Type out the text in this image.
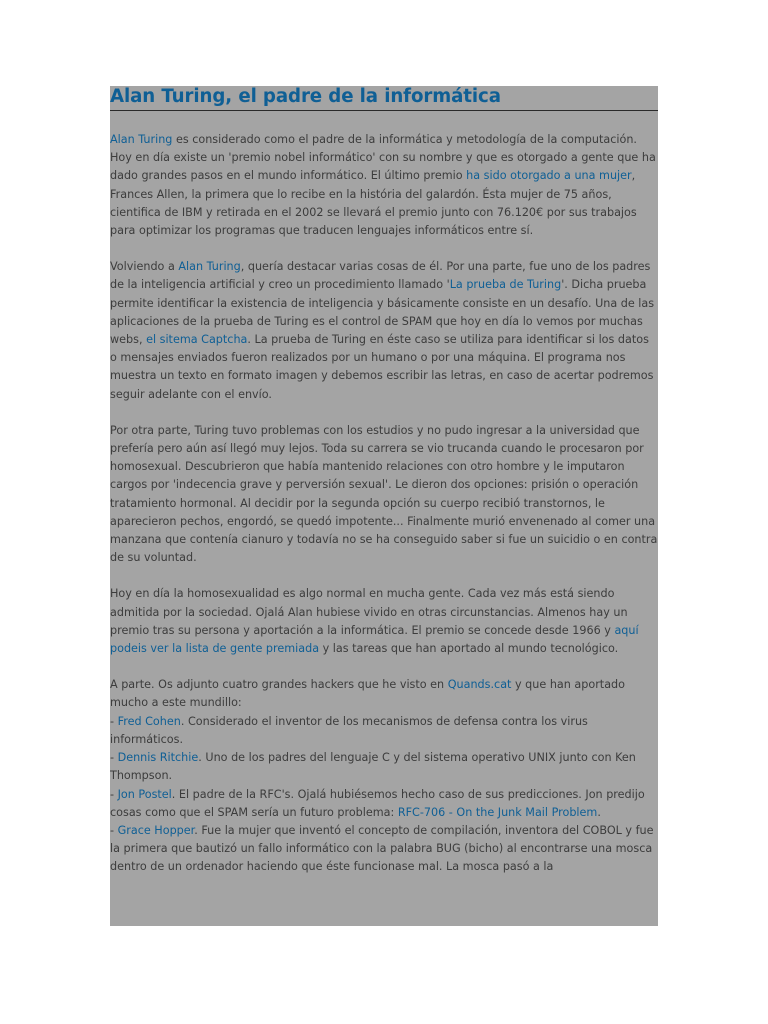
Alan Turing, el padre de la informática

Alan Turing es considerado como el padre de la informática y metodología de la computación. Hoy en día existe un 'premio nobel informático' con su nombre y que es otorgado a gente que ha dado grandes pasos en el mundo informático. El último premio ha sido otorgado a una mujer, Frances Allen, la primera que lo recibe en la história del galardón. Ésta mujer de 75 años, cientifica de IBM y retirada en el 2002 se llevará el premio junto con 76.120€ por sus trabajos para optimizar los programas que traducen lenguajes informáticos entre sí.

Volviendo a Alan Turing, quería destacar varias cosas de él. Por una parte, fue uno de los padres de la inteligencia artificial y creo un procedimiento llamado 'La prueba de Turing'. Dicha prueba permite identificar la existencia de inteligencia y básicamente consiste en un desafío. Una de las aplicaciones de la prueba de Turing es el control de SPAM que hoy en día lo vemos por muchas webs, el sitema Captcha. La prueba de Turing en éste caso se utiliza para identificar si los datos o mensajes enviados fueron realizados por un humano o por una máquina. El programa nos muestra un texto en formato imagen y debemos escribir las letras, en caso de acertar podremos seguir adelante con el envío.

Por otra parte, Turing tuvo problemas con los estudios y no pudo ingresar a la universidad que prefería pero aún así llegó muy lejos. Toda su carrera se vio trucanda cuando le procesaron por homosexual. Descubrieron que había mantenido relaciones con otro hombre y le imputaron cargos por 'indecencia grave y perversión sexual'. Le dieron dos opciones: prisión o operación tratamiento hormonal. Al decidir por la segunda opción su cuerpo recibió transtornos, le aparecieron pechos, engordó, se quedó impotente... Finalmente murió envenenado al comer una manzana que contenía cianuro y todavía no se ha conseguido saber si fue un suicidio o en contra de su voluntad.

Hoy en día la homosexualidad es algo normal en mucha gente. Cada vez más está siendo admitida por la sociedad. Ojalá Alan hubiese vivido en otras circunstancias. Almenos hay un premio tras su persona y aportación a la informática. El premio se concede desde 1966 y aquí podeis ver la lista de gente premiada y las tareas que han aportado al mundo tecnológico.

A parte. Os adjunto cuatro grandes hackers que he visto en Quands.cat y que han aportado mucho a este mundillo:
- Fred Cohen. Considerado el inventor de los mecanismos de defensa contra los virus informáticos.
- Dennis Ritchie. Uno de los padres del lenguaje C y del sistema operativo UNIX junto con Ken Thompson.
- Jon Postel. El padre de la RFC's. Ojalá hubiésemos hecho caso de sus predicciones. Jon predijo cosas como que el SPAM sería un futuro problema: RFC-706 - On the Junk Mail Problem.
- Grace Hopper. Fue la mujer que inventó el concepto de compilación, inventora del COBOL y fue la primera que bautizó un fallo informático con la palabra BUG (bicho) al encontrarse una mosca dentro de un ordenador haciendo que éste funcionase mal. La mosca pasó a la
